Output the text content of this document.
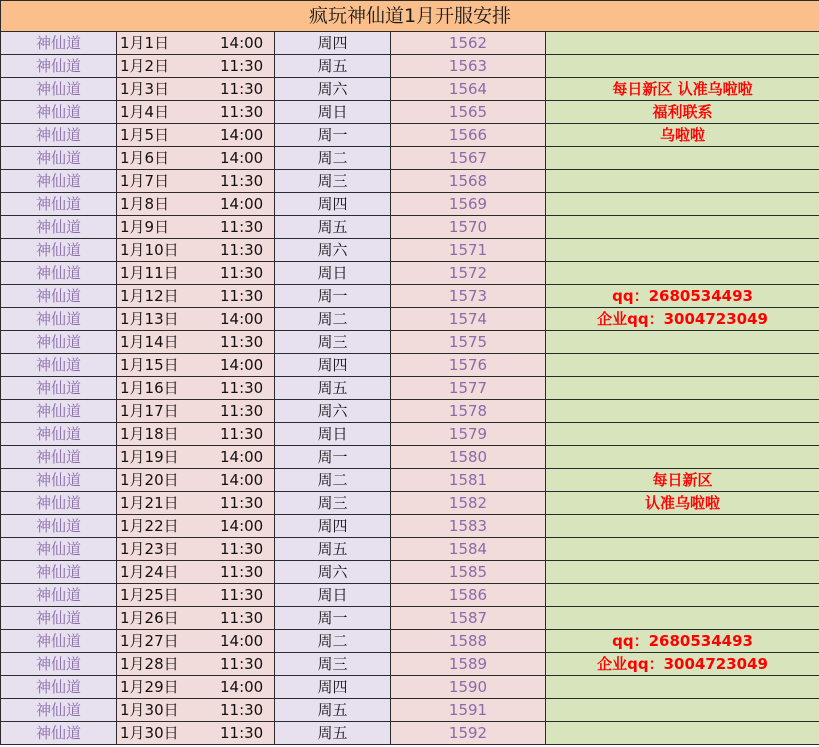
疯玩神仙道1月开服安排				
神仙道	1月1日 14:00	周四	1562	
神仙道	1月2日 11:30	周五	1563	
神仙道	1月3日 11:30	周六	1564	每日新区 认准乌啦啦
神仙道	1月4日 11:30	周日	1565	福利联系
神仙道	1月5日 14:00	周一	1566	乌啦啦
神仙道	1月6日 14:00	周二	1567	
神仙道	1月7日 11:30	周三	1568	
神仙道	1月8日 14:00	周四	1569	
神仙道	1月9日 11:30	周五	1570	
神仙道	1月10日 11:30	周六	1571	
神仙道	1月11日 11:30	周日	1572	
神仙道	1月12日 11:30	周一	1573	qq：2680534493
神仙道	1月13日 14:00	周二	1574	企业qq：3004723049
神仙道	1月14日 11:30	周三	1575	
神仙道	1月15日 14:00	周四	1576	
神仙道	1月16日 11:30	周五	1577	
神仙道	1月17日 11:30	周六	1578	
神仙道	1月18日 11:30	周日	1579	
神仙道	1月19日 14:00	周一	1580	
神仙道	1月20日 14:00	周二	1581	每日新区
神仙道	1月21日 11:30	周三	1582	认准乌啦啦
神仙道	1月22日 14:00	周四	1583	
神仙道	1月23日 11:30	周五	1584	
神仙道	1月24日 11:30	周六	1585	
神仙道	1月25日 11:30	周日	1586	
神仙道	1月26日 11:30	周一	1587	
神仙道	1月27日 14:00	周二	1588	qq：2680534493
神仙道	1月28日 11:30	周三	1589	企业qq：3004723049
神仙道	1月29日 14:00	周四	1590	
神仙道	1月30日 11:30	周五	1591	
神仙道	1月30日 11:30	周五	1592	
